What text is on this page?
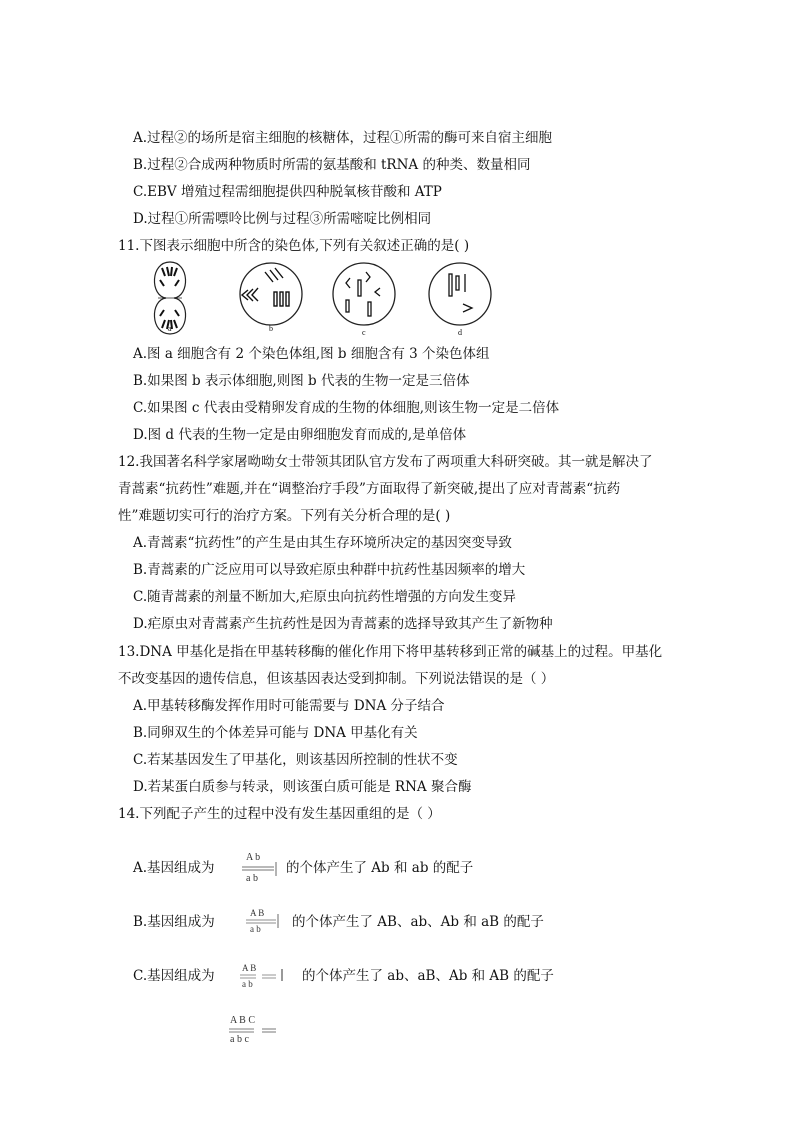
A.过程②的场所是宿主细胞的核糖体，过程①所需的酶可来自宿主细胞
B.过程②合成两种物质时所需的氨基酸和 tRNA 的种类、数量相同
C.EBV 增殖过程需细胞提供四种脱氧核苷酸和 ATP
D.过程①所需嘌呤比例与过程③所需嘧啶比例相同
11.下图表示细胞中所含的染色体,下列有关叙述正确的是( )
a	b	c	d
A.图 a 细胞含有 2 个染色体组,图 b 细胞含有 3 个染色体组
B.如果图 b 表示体细胞,则图 b 代表的生物一定是三倍体
C.如果图 c 代表由受精卵发育成的生物的体细胞,则该生物一定是二倍体
D.图 d 代表的生物一定是由卵细胞发育而成的,是单倍体
12.我国著名科学家屠呦呦女士带领其团队官方发布了两项重大科研突破。其一就是解决了
青蒿素“抗药性”难题,并在“调整治疗手段”方面取得了新突破,提出了应对青蒿素“抗药
性”难题切实可行的治疗方案。下列有关分析合理的是( )
A.青蒿素“抗药性”的产生是由其生存环境所决定的基因突变导致
B.青蒿素的广泛应用可以导致疟原虫种群中抗药性基因频率的增大
C.随青蒿素的剂量不断加大,疟原虫向抗药性增强的方向发生变异
D.疟原虫对青蒿素产生抗药性是因为青蒿素的选择导致其产生了新物种
13.DNA 甲基化是指在甲基转移酶的催化作用下将甲基转移到正常的碱基上的过程。甲基化
不改变基因的遗传信息，但该基因表达受到抑制。下列说法错误的是（ ）
A.甲基转移酶发挥作用时可能需要与 DNA 分子结合
B.同卵双生的个体差异可能与 DNA 甲基化有关
C.若某基因发生了甲基化，则该基因所控制的性状不变
D.若某蛋白质参与转录，则该蛋白质可能是 RNA 聚合酶
14.下列配子产生的过程中没有发生基因重组的是（ ）
A.基因组成为
A b
a b
的个体产生了 Ab 和 ab 的配子
B.基因组成为
A B
a b 的个体产生了 AB、ab、Ab 和 aB 的配子
C.基因组成为	A B
a b	的个体产生了 ab、aB、Ab 和 AB 的配子
A B C
a b c
